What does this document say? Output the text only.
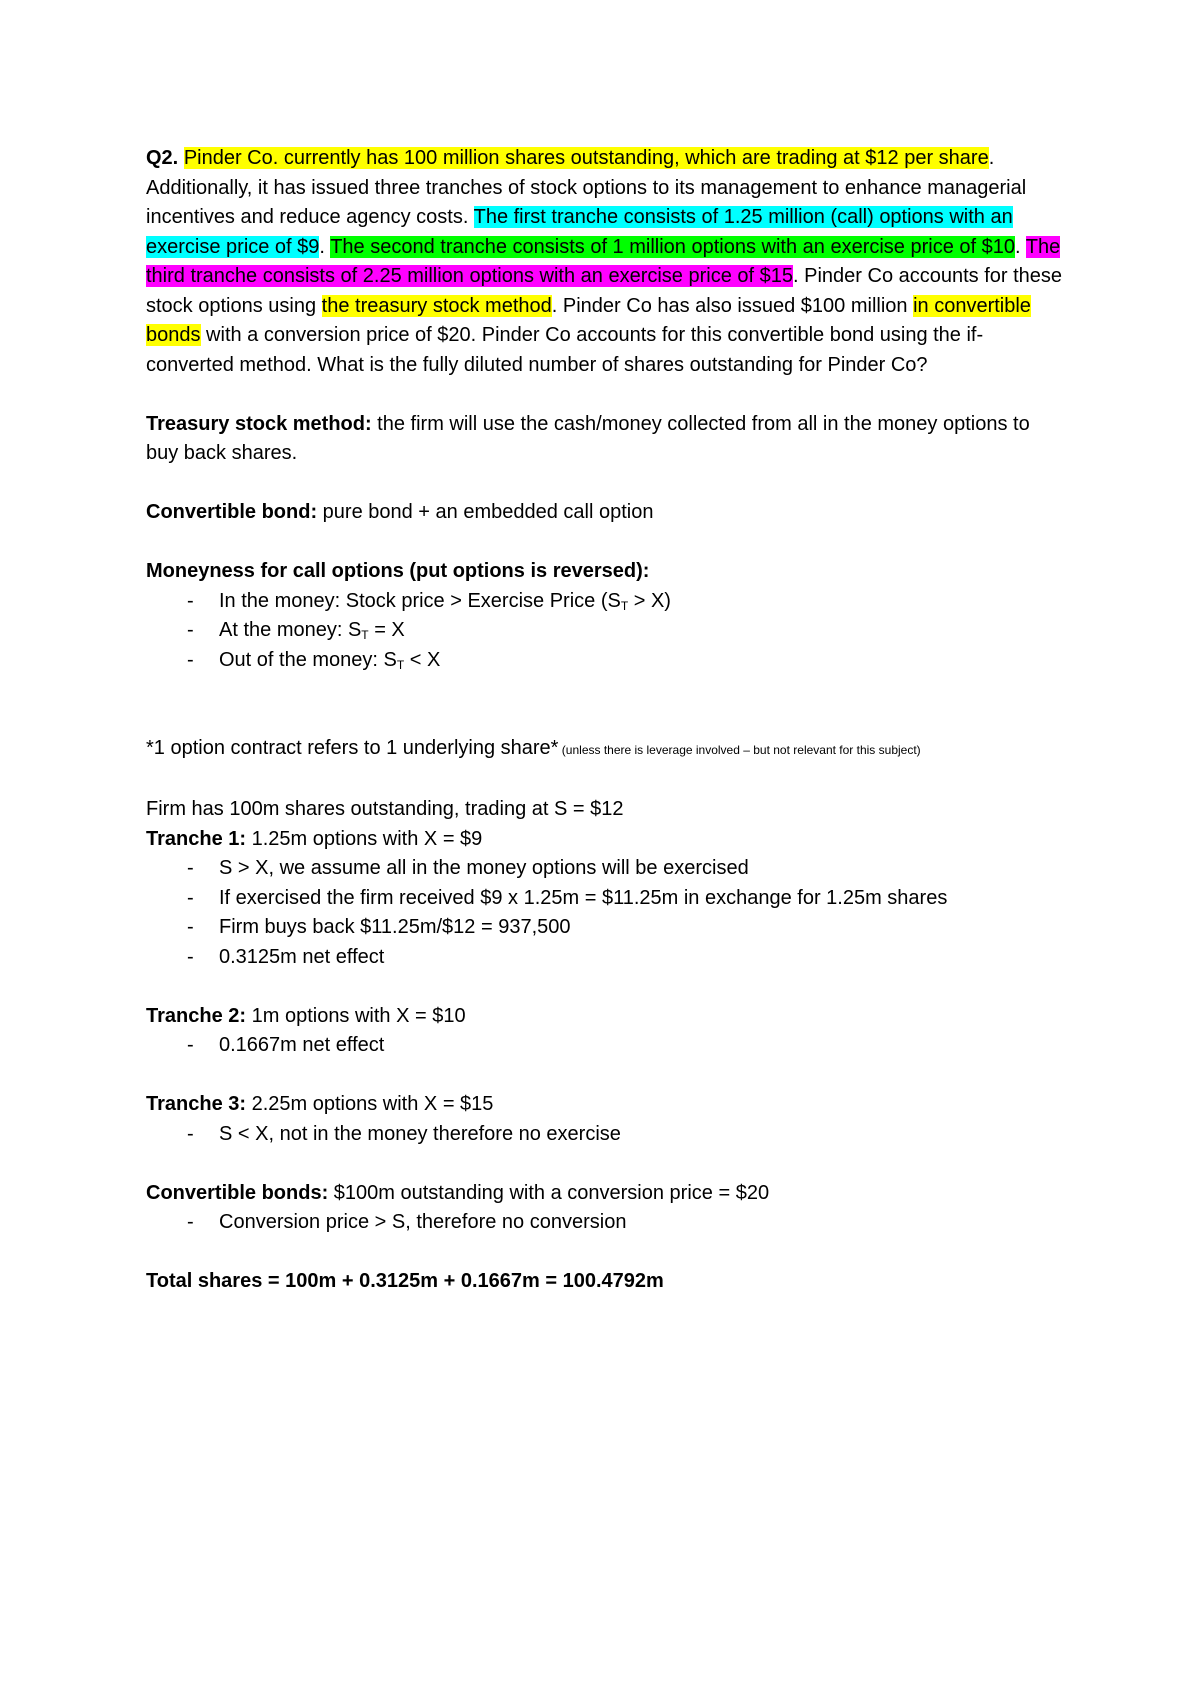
Q2. Pinder Co. currently has 100 million shares outstanding, which are trading at $12 per share. Additionally, it has issued three tranches of stock options to its management to enhance managerial incentives and reduce agency costs. The first tranche consists of 1.25 million (call) options with an exercise price of $9. The second tranche consists of 1 million options with an exercise price of $10. The third tranche consists of 2.25 million options with an exercise price of $15. Pinder Co accounts for these stock options using the treasury stock method. Pinder Co has also issued $100 million in convertible bonds with a conversion price of $20. Pinder Co accounts for this convertible bond using the if- converted method. What is the fully diluted number of shares outstanding for Pinder Co?

Treasury stock method: the firm will use the cash/money collected from all in the money options to buy back shares.

Convertible bond: pure bond + an embedded call option

Moneyness for call options (put options is reversed):

- In the money: Stock price > Exercise Price $(S_T > X)$
- At the money: $S_T = X$
- Out of the money: $S_T < X$

*1 option contract refers to 1 underlying share* (unless there is leverage involved – but not relevant for this subject)

Firm has 100m shares outstanding, trading at S = $12

Tranche 1: 1.25m options with X = $9

- S > X, we assume all in the money options will be exercised
- If exercised the firm received $9 x 1.25m = $11.25m in exchange for 1.25m shares
- Firm buys back $11.25m/$12 = 937,500
- 0.3125m net effect

Tranche 2: 1m options with X = $10

- 0.1667m net effect

Tranche 3: 2.25m options with X = $15

- S < X, not in the money therefore no exercise

Convertible bonds: $100m outstanding with a conversion price = $20

- Conversion price > S, therefore no conversion

Total shares = 100m + 0.3125m + 0.1667m = 100.4792m
